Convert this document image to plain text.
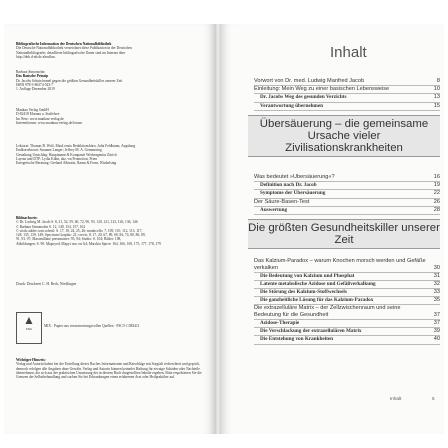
Bibliografische Information der Deutschen Nationalbibliothek
Die Deutsche Nationalbibliothek verzeichnet diese Publikation in der Deutschen
Nationalbibliografie; detaillierte bibliografische Daten sind im Internet über
http://dnb.d-nb.de abrufbar.
Barbara Simonsohn
Das Basische Prinzip
Dr. Jacobs Schutzformel gegen die größten Gesundheitskiller unserer Zeit
ISBN 978-3-86374-543-7
1. Auflage Dezember 2019
Mankau Verlag GmbH
D-82418 Murnau a. Staffelsee
Im Netz: www.mankau-verlag.de
Internetforum: www.mankau-verlag.de/forum
Lektorat: Thomas B. Wolf, MaxLeonis Redaktionsbüro; Julia Feldbaum, Augsburg
Endkorrektorat: Susanne Langer; Jeffrey M. A. Gemmering
Gestaltung Umschlag: Hauptmann & Kompanie Werbeagentur Zürich
Layout und DTP: Lydia Kühn, akz.-on Promotion, Prien
Energetische Beratung: Gerhard Albustin, Raum & Form, Winkelsing
Bildnachweis:
© Dr. Ludwig M. Jacob S. 8, 21, 52, 59, 60, 72, 90, 93, 120, 121, 123, 126, 136, 146
© Barbara Simonsohn S. 12, 149, 154, 157, 162
© stock.adobe.com soleoil: S. 17, 18, 24, 25, 26; monticello: 7, 109, 110, 112, 113, 117,
128, 135, 139, 149; Spectrum Graphic: 21; crevis: 8, 17, 29, 67, 89, 68, 84, 74, 80, 86, 89,
91, 93, 97; Maximillian/ pressmaster: 93, 94; Studio: S. 104; Bilder: 108,
Abbildungen: S. 90: Mapoyed; Mapyt raw ow 64; Marchia Spirre: 164, 166, 169, 175, 177, 178, 179
Druck: Druckerei C. H. Beck, Nördlingen
▲
FSC
MIX · Papier aus verantwortungsvollen Quellen · FSC® C083411
Wichtiger Hinweis:
Verlag und Autorin haben bei der Erstellung dieses Buches Informationen und Ratschläge mit Sorgfalt recherchiert und geprüft, dennoch erfolgen alle Angaben ohne Gewähr. Verlag und Autorin können keinerlei Haftung für etwaige Schäden oder Nachteile übernehmen, die sich aus der praktischen Umsetzung der in diesem Buch dargestellten Inhalte ergeben. Bitte respektieren Sie die Grenzen der Selbstbehandlung und suchen Sie bei Erkrankungen einen erfahrenen Arzt oder Heilpraktiker auf.
Inhalt
Vorwort von Dr. med. Ludwig Manfred Jacob	8
Einleitung: Mein Weg zu einer basischen Lebensweise	10
Dr. Jacobs Weg des gesunden Verzichts	13
Verantwortung übernehmen	15
Übersäuerung – die gemeinsame Ursache vieler Zivilisationskrankheiten
Was bedeutet »Übersäuerung«?	16
Definition nach Dr. Jacob	19
Symptome der Übersäuerung	22
Der Säure-Basen-Test	26
Auswertung	28
Die größten Gesundheitskiller unserer Zeit
Das Kalzium-Paradox – warum Knochen morsch werden und Gefäße verkalken	30
Die Bedeutung von Kalzium und Phosphat	31
Latente metabolische Azidose und Gefäßverkalkung	32
Die Störung des Kalzium-Stoffwechsels	33
Die ganzheitliche Lösung für das Kalzium-Paradox	35
Die extrazelluläre Matrix – der Zellzwischenraum und seine Bedeutung für die Gesundheit	37
Azidose-Therapie	37
Die Verschlackung der extrazellulären Matrix	39
Die Entstehung von Krankheiten	40
Inhalt	5
